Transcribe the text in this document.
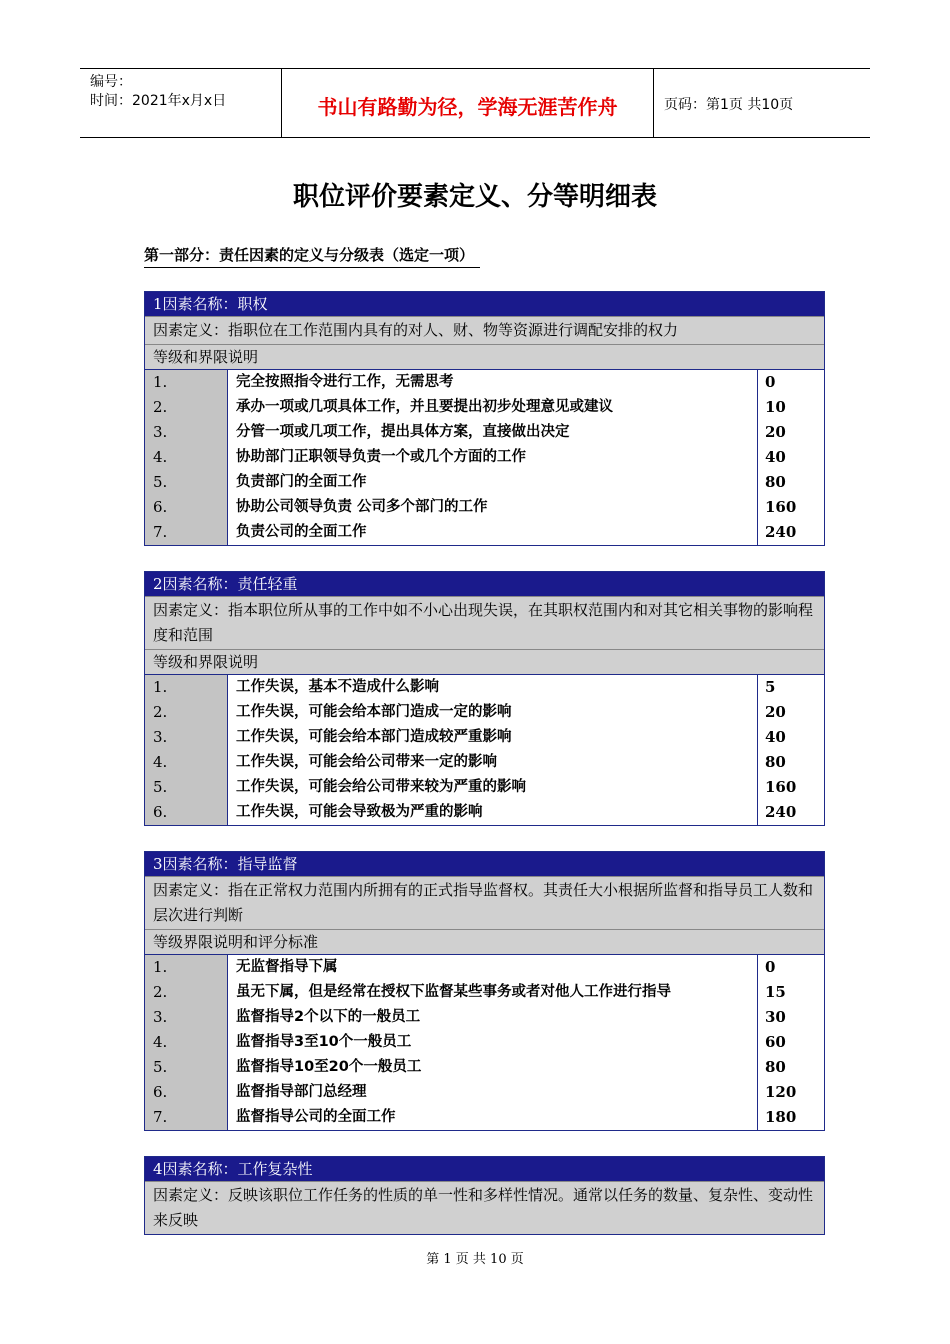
编号：
时间：2021年x月x日	书山有路勤为径，学海无涯苦作舟	页码：第1页 共10页
职位评价要素定义、分等明细表
第一部分：责任因素的定义与分级表（选定一项）
1因素名称：职权
因素定义：指职位在工作范围内具有的对人、财、物等资源进行调配安排的权力
等级和界限说明
1.
2.
3.
4.
5.
6.
7.
完全按照指令进行工作，无需思考
承办一项或几项具体工作，并且要提出初步处理意见或建议
分管一项或几项工作，提出具体方案，直接做出决定
协助部门正职领导负责一个或几个方面的工作
负责部门的全面工作
协助公司领导负责 公司多个部门的工作
负责公司的全面工作
0
10
20
40
80
160
240
2因素名称：责任轻重
因素定义：指本职位所从事的工作中如不小心出现失误，在其职权范围内和对其它相关事物的影响程度和范围
等级和界限说明
1.
2.
3.
4.
5.
6.
工作失误，基本不造成什么影响
工作失误，可能会给本部门造成一定的影响
工作失误，可能会给本部门造成较严重影响
工作失误，可能会给公司带来一定的影响
工作失误，可能会给公司带来较为严重的影响
工作失误，可能会导致极为严重的影响
5
20
40
80
160
240
3因素名称：指导监督
因素定义：指在正常权力范围内所拥有的正式指导监督权。其责任大小根据所监督和指导员工人数和层次进行判断
等级界限说明和评分标准
1.
2.
3.
4.
5.
6.
7.
无监督指导下属
虽无下属，但是经常在授权下监督某些事务或者对他人工作进行指导
监督指导2个以下的一般员工
监督指导3至10个一般员工
监督指导10至20个一般员工
监督指导部门总经理
监督指导公司的全面工作
0
15
30
60
80
120
180
4因素名称：工作复杂性
因素定义：反映该职位工作任务的性质的单一性和多样性情况。通常以任务的数量、复杂性、变动性来反映
第 1 页 共 10 页
